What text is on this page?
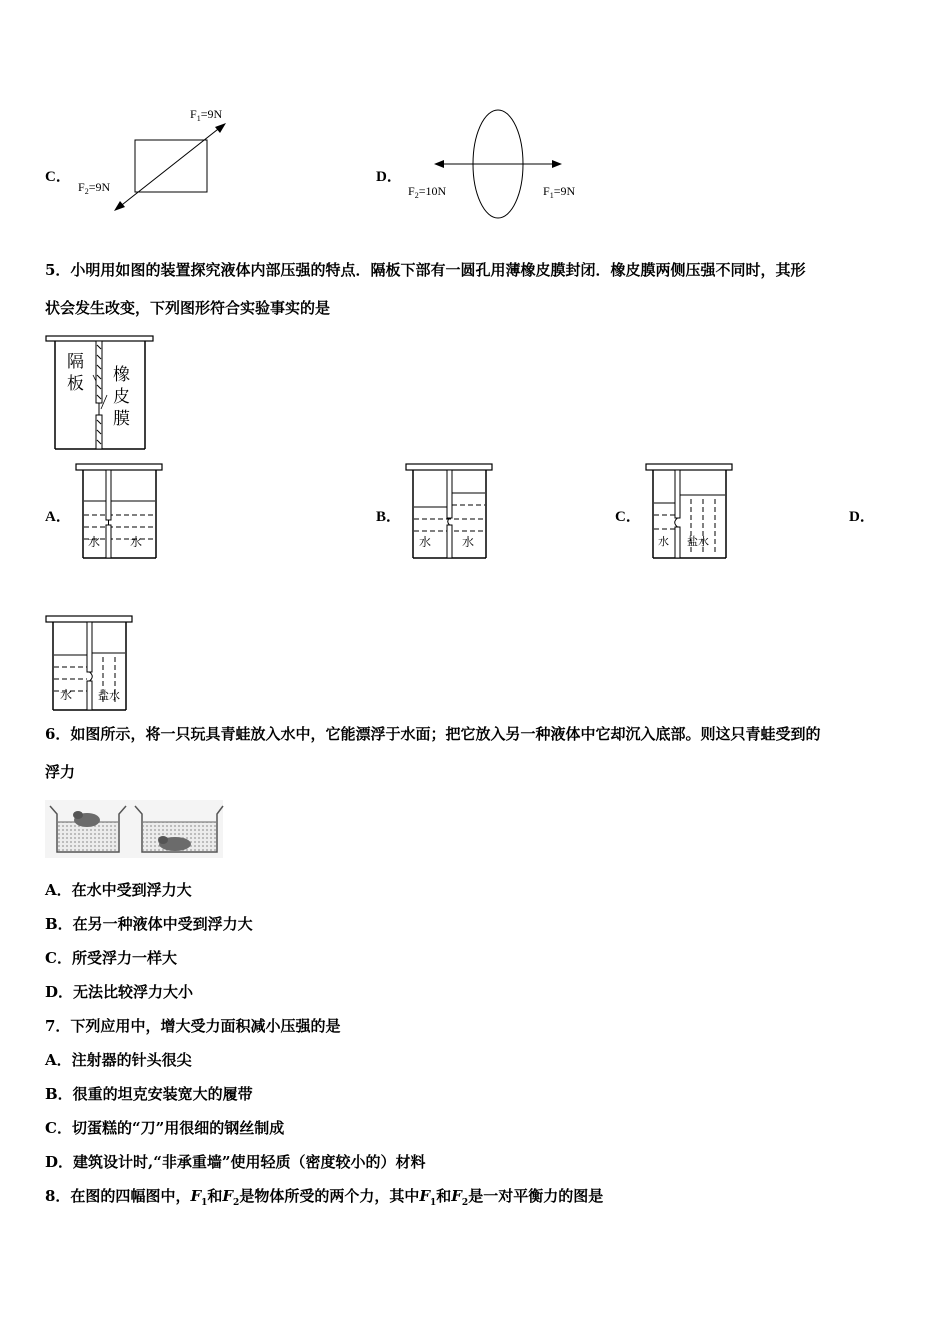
C．
$F_1=9N$
$F_2=9N$
D．
$F_2=10N$	$F_1=9N$
5．小明用如图的装置探究液体内部压强的特点．隔板下部有一圆孔用薄橡皮膜封闭．橡皮膜两侧压强不同时，其形
状会发生改变，下列图形符合实验事实的是
隔
板 橡
皮
膜
A．
水 水
B．
水	水
C．
水 盐水
D．
水 盐水
6．如图所示，将一只玩具青蛙放入水中，它能漂浮于水面；把它放入另一种液体中它却沉入底部。则这只青蛙受到的
浮力
A．在水中受到浮力大
B．在另一种液体中受到浮力大
C．所受浮力一样大
D．无法比较浮力大小
7．下列应用中，增大受力面积减小压强的是
A．注射器的针头很尖
B．很重的坦克安装宽大的履带
C．切蛋糕的“刀”用很细的钢丝制成
D．建筑设计时,“非承重墙”使用轻质（密度较小的）材料
8．在图的四幅图中，$F_1$和$F_2$是物体所受的两个力，其中$F_1$和$F_2$是一对平衡力的图是
